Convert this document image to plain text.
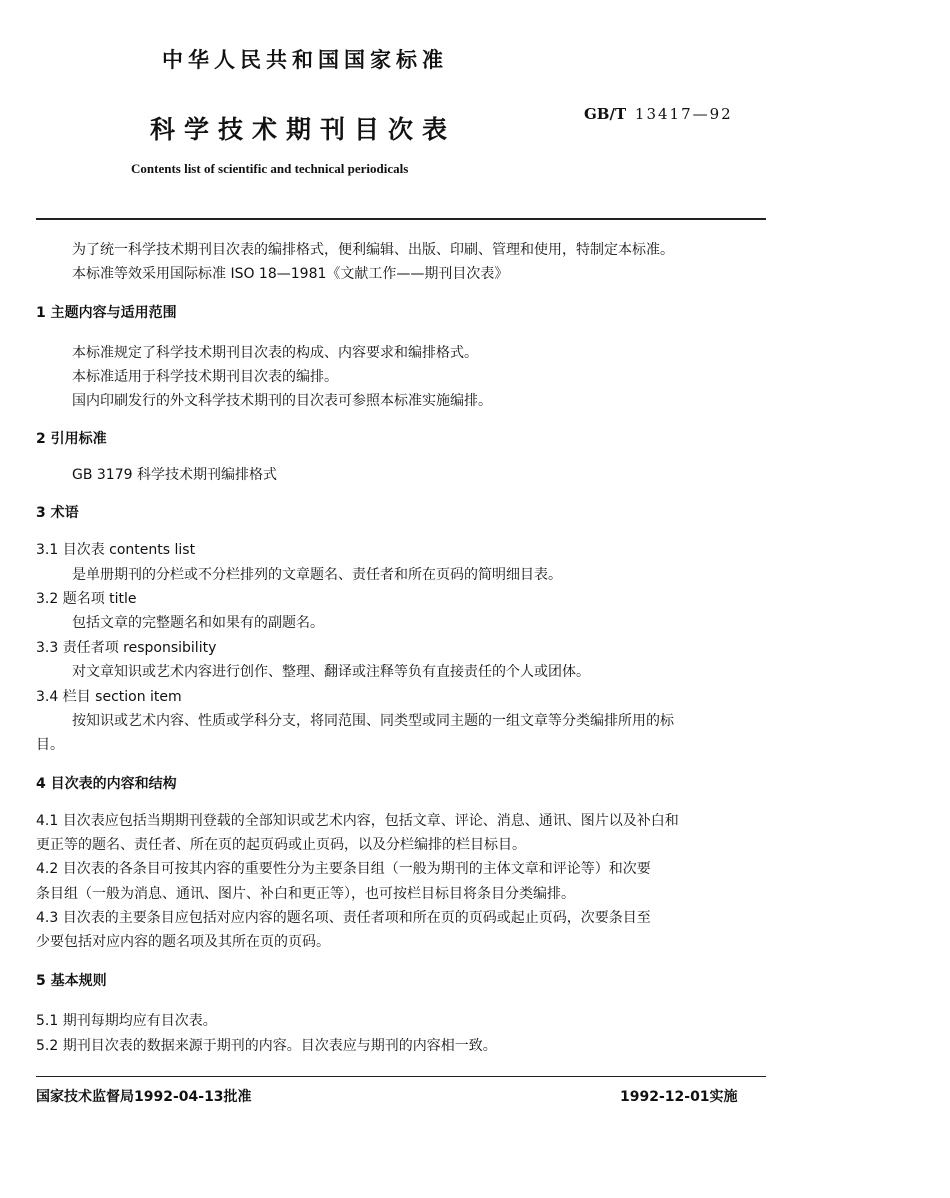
中华人民共和国国家标准
科学技术期刊目次表
GB/T 13417—92
Contents list of scientific and technical periodicals
为了统一科学技术期刊目次表的编排格式，便利编辑、出版、印刷、管理和使用，特制定本标准。
本标准等效采用国际标准 ISO 18—1981《文献工作——期刊目次表》
1 主题内容与适用范围
本标准规定了科学技术期刊目次表的构成、内容要求和编排格式。
本标准适用于科学技术期刊目次表的编排。
国内印刷发行的外文科学技术期刊的目次表可参照本标准实施编排。
2 引用标准
GB 3179 科学技术期刊编排格式
3 术语
3.1 目次表 contents list
是单册期刊的分栏或不分栏排列的文章题名、责任者和所在页码的简明细目表。
3.2 题名项 title
包括文章的完整题名和如果有的副题名。
3.3 责任者项 responsibility
对文章知识或艺术内容进行创作、整理、翻译或注释等负有直接责任的个人或团体。
3.4 栏目 section item
按知识或艺术内容、性质或学科分支，将同范围、同类型或同主题的一组文章等分类编排所用的标
目。
4 目次表的内容和结构
4.1 目次表应包括当期期刊登载的全部知识或艺术内容，包括文章、评论、消息、通讯、图片以及补白和
更正等的题名、责任者、所在页的起页码或止页码，以及分栏编排的栏目标目。
4.2 目次表的各条目可按其内容的重要性分为主要条目组（一般为期刊的主体文章和评论等）和次要
条目组（一般为消息、通讯、图片、补白和更正等），也可按栏目标目将条目分类编排。
4.3 目次表的主要条目应包括对应内容的题名项、责任者项和所在页的页码或起止页码，次要条目至
少要包括对应内容的题名项及其所在页的页码。
5 基本规则
5.1 期刊每期均应有目次表。
5.2 期刊目次表的数据来源于期刊的内容。目次表应与期刊的内容相一致。
国家技术监督局1992-04-13批准	1992-12-01实施
